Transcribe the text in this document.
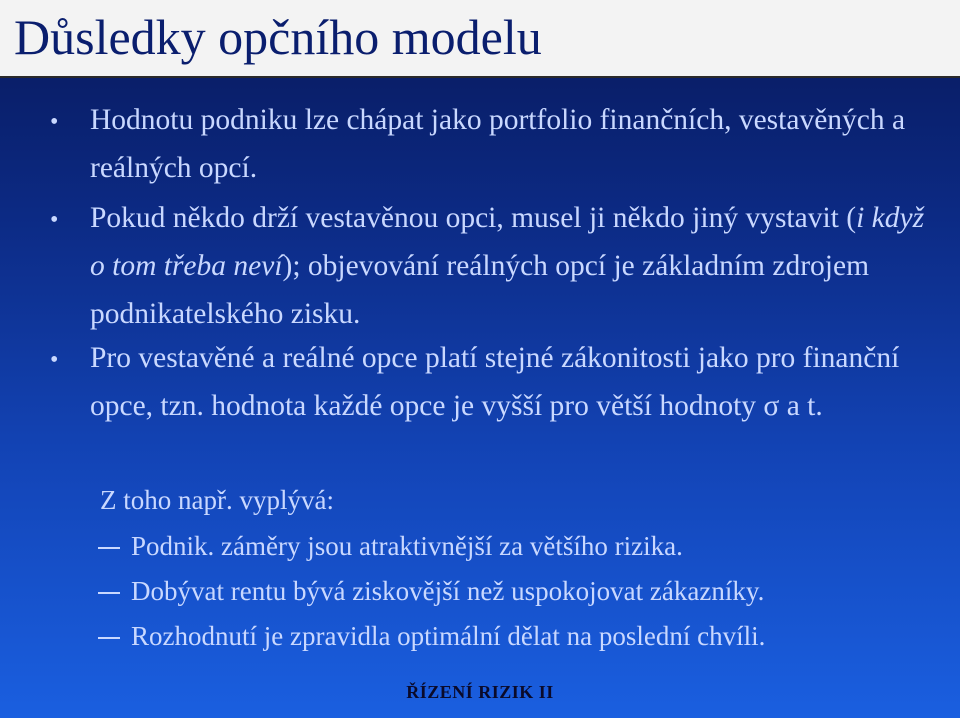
Důsledky opčního modelu
•	Hodnotu podniku lze chápat jako portfolio finančních, vestavěných a reálných opcí.
•	Pokud někdo drží vestavěnou opci, musel ji někdo jiný vystavit (i když o tom třeba neví); objevování reálných opcí je základním zdrojem podnikatelského zisku.
•	Pro vestavěné a reálné opce platí stejné zákonitosti jako pro finanční opce, tzn. hodnota každé opce je vyšší pro větší hodnoty σ a t.
Z toho např. vyplývá:
Podnik. záměry jsou atraktivnější za většího rizika.
Dobývat rentu bývá ziskovější než uspokojovat zákazníky.
Rozhodnutí je zpravidla optimální dělat na poslední chvíli.
ŘÍZENÍ RIZIK II
